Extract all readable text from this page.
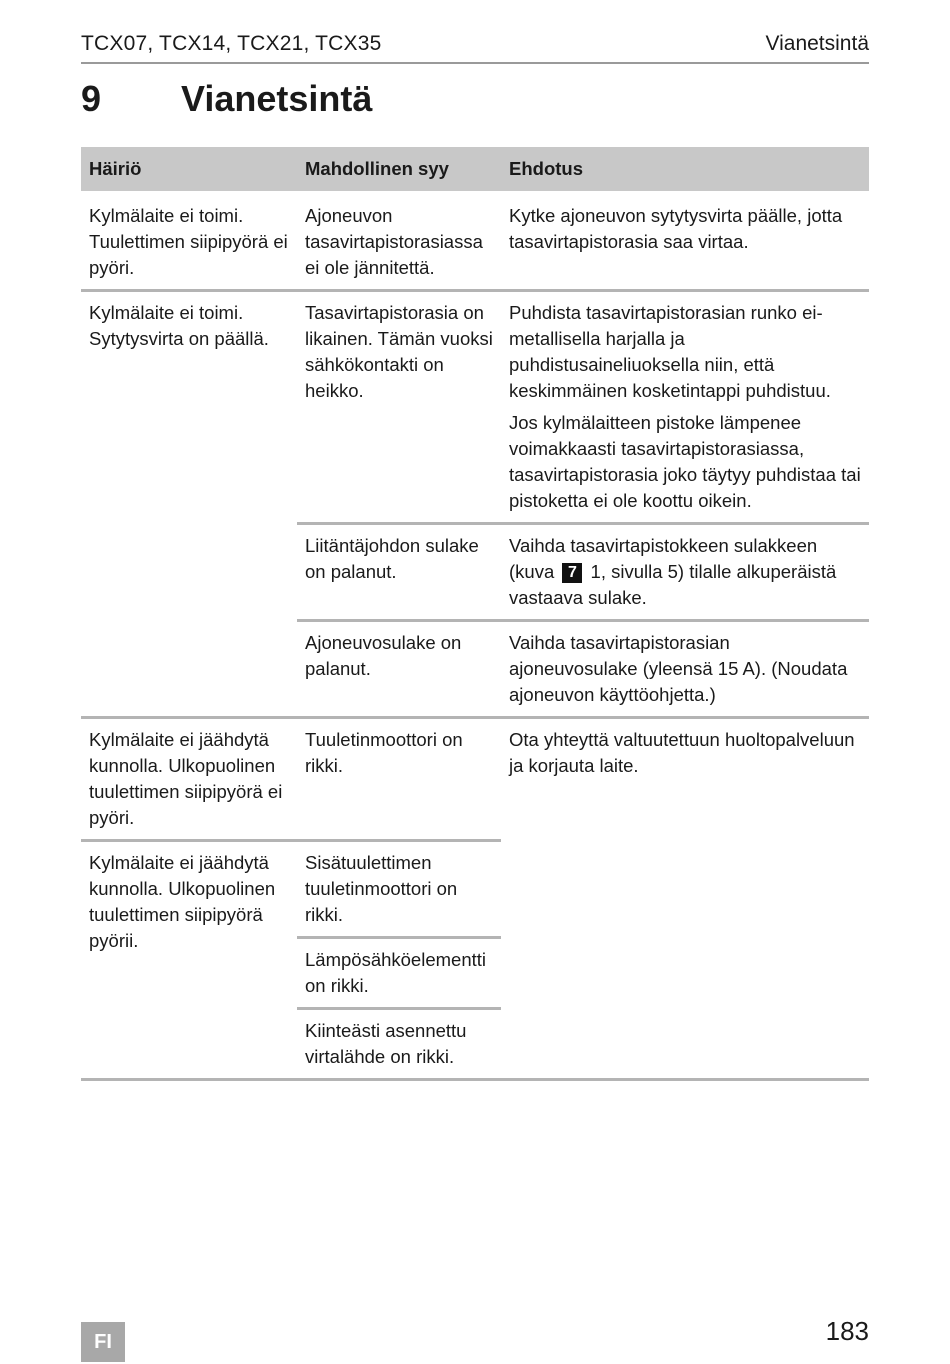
TCX07, TCX14, TCX21, TCX35	Vianetsintä
9 Vianetsintä
Häiriö	Mahdollinen syy	Ehdotus

Kylmälaite ei toimi. Tuulettimen siipipyörä ei pyöri.	Ajoneuvon tasavirtapistorasiassa ei ole jännitettä.	Kytke ajoneuvon sytytysvirta päälle, jotta tasavirtapistorasia saa virtaa.

Kylmälaite ei toimi. Sytytysvirta on päällä.	Tasavirtapistorasia on likainen. Tämän vuoksi sähkökontakti on heikko.	Puhdista tasavirtapistorasian runko ei-metallisella harjalla ja puhdistusaineliuoksella niin, että keskimmäinen kosketintappi puhdistuu.

Jos kylmälaitteen pistoke lämpenee voimakkaasti tasavirtapistorasiassa, tasavirtapistorasia joko täytyy puhdistaa tai pistoketta ei ole koottu oikein.

	Liitäntäjohdon sulake on palanut.	Vaihda tasavirtapistokkeen sulakkeen (kuva 7 1, sivulla 5) tilalle alkuperäistä vastaava sulake.

	Ajoneuvosulake on palanut.	Vaihda tasavirtapistorasian ajoneuvosulake (yleensä 15 A). (Noudata ajoneuvon käyttöohjetta.)

Kylmälaite ei jäähdytä kunnolla. Ulkopuolinen tuulettimen siipipyörä ei pyöri.	Tuuletinmoottori on rikki.	Ota yhteyttä valtuutettuun huoltopalveluun ja korjauta laite.

Kylmälaite ei jäähdytä kunnolla. Ulkopuolinen tuulettimen siipipyörä pyörii.	Sisätuulettimen tuuletinmoottori on rikki.	

	Lämpösähköelementti on rikki.	

	Kiinteästi asennettu virtalähde on rikki.	

FI	183
